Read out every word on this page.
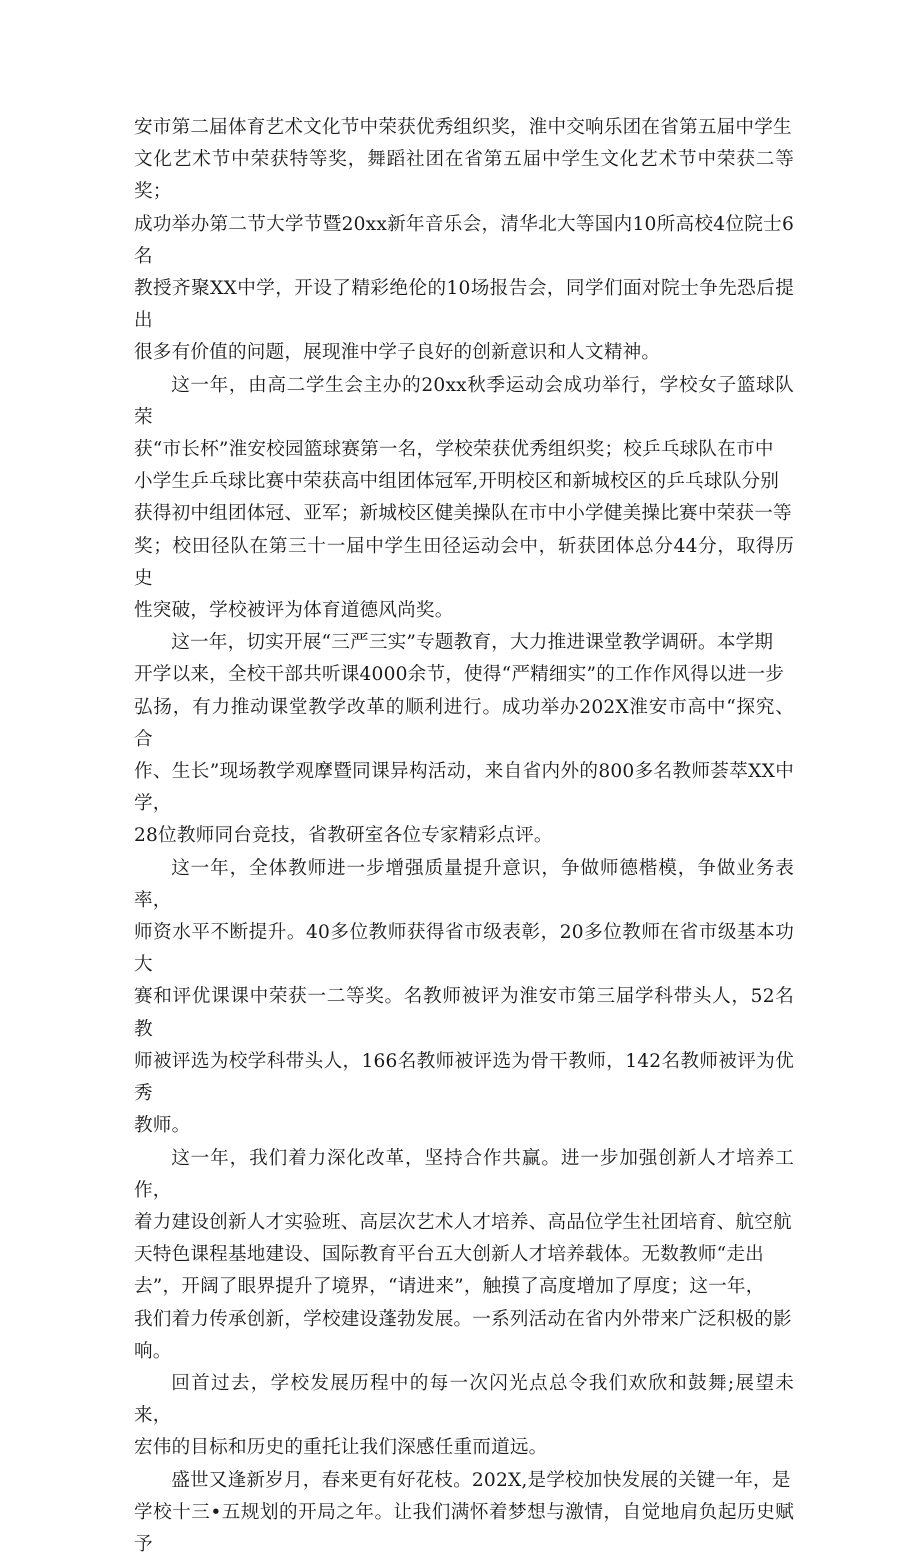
安市第二届体育艺术文化节中荣获优秀组织奖，淮中交响乐团在省第五届中学生
文化艺术节中荣获特等奖，舞蹈社团在省第五届中学生文化艺术节中荣获二等奖；
成功举办第二节大学节暨20xx新年音乐会，清华北大等国内10所高校4位院士6名
教授齐聚XX中学，开设了精彩绝伦的10场报告会，同学们面对院士争先恐后提出
很多有价值的问题，展现淮中学子良好的创新意识和人文精神。

这一年，由高二学生会主办的20xx秋季运动会成功举行，学校女子篮球队荣
获“市长杯”淮安校园篮球赛第一名，学校荣获优秀组织奖；校乒乓球队在市中
小学生乒乓球比赛中荣获高中组团体冠军,开明校区和新城校区的乒乓球队分别
获得初中组团体冠、亚军；新城校区健美操队在市中小学健美操比赛中荣获一等
奖；校田径队在第三十一届中学生田径运动会中，斩获团体总分44分，取得历史
性突破，学校被评为体育道德风尚奖。

这一年，切实开展“三严三实”专题教育，大力推进课堂教学调研。本学期
开学以来，全校干部共听课4000余节，使得“严精细实”的工作作风得以进一步
弘扬，有力推动课堂教学改革的顺利进行。成功举办202X淮安市高中“探究、合
作、生长”现场教学观摩暨同课异构活动，来自省内外的800多名教师荟萃XX中学，
28位教师同台竞技，省教研室各位专家精彩点评。

这一年，全体教师进一步增强质量提升意识，争做师德楷模，争做业务表率，
师资水平不断提升。40多位教师获得省市级表彰，20多位教师在省市级基本功大
赛和评优课课中荣获一二等奖。名教师被评为淮安市第三届学科带头人，52名教
师被评选为校学科带头人，166名教师被评选为骨干教师，142名教师被评为优秀
教师。

这一年，我们着力深化改革，坚持合作共赢。进一步加强创新人才培养工作，
着力建设创新人才实验班、高层次艺术人才培养、高品位学生社团培育、航空航
天特色课程基地建设、国际教育平台五大创新人才培养载体。无数教师“走出
去”，开阔了眼界提升了境界，“请进来”，触摸了高度增加了厚度；这一年，
我们着力传承创新，学校建设蓬勃发展。一系列活动在省内外带来广泛积极的影
响。

回首过去，学校发展历程中的每一次闪光点总令我们欢欣和鼓舞;展望未来，
宏伟的目标和历史的重托让我们深感任重而道远。

盛世又逢新岁月，春来更有好花枝。202X,是学校加快发展的关键一年，是
学校十三•五规划的开局之年。让我们满怀着梦想与激情，自觉地肩负起历史赋予
